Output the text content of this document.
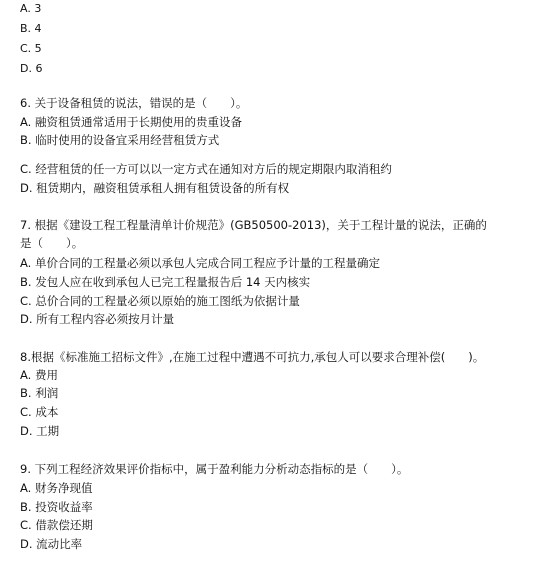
A. 3
B. 4
C. 5
D. 6
6. 关于设备租赁的说法，错误的是（　　）。
A. 融资租赁通常适用于长期使用的贵重设备
B. 临时使用的设备宜采用经营租赁方式
C. 经营租赁的任一方可以以一定方式在通知对方后的规定期限内取消租约
D. 租赁期内，融资租赁承租人拥有租赁设备的所有权
7. 根据《建设工程工程量清单计价规范》(GB50500-2013)，关于工程计量的说法，正确的
是（　　）。
A. 单价合同的工程量必须以承包人完成合同工程应予计量的工程量确定
B. 发包人应在收到承包人已完工程量报告后 14 天内核实
C. 总价合同的工程量必须以原始的施工图纸为依据计量
D. 所有工程内容必须按月计量
8.根据《标准施工招标文件》,在施工过程中遭遇不可抗力,承包人可以要求合理补偿(　　)。
A. 费用
B. 利润
C. 成本
D. 工期
9. 下列工程经济效果评价指标中，属于盈利能力分析动态指标的是（　　）。
A. 财务净现值
B. 投资收益率
C. 借款偿还期
D. 流动比率
